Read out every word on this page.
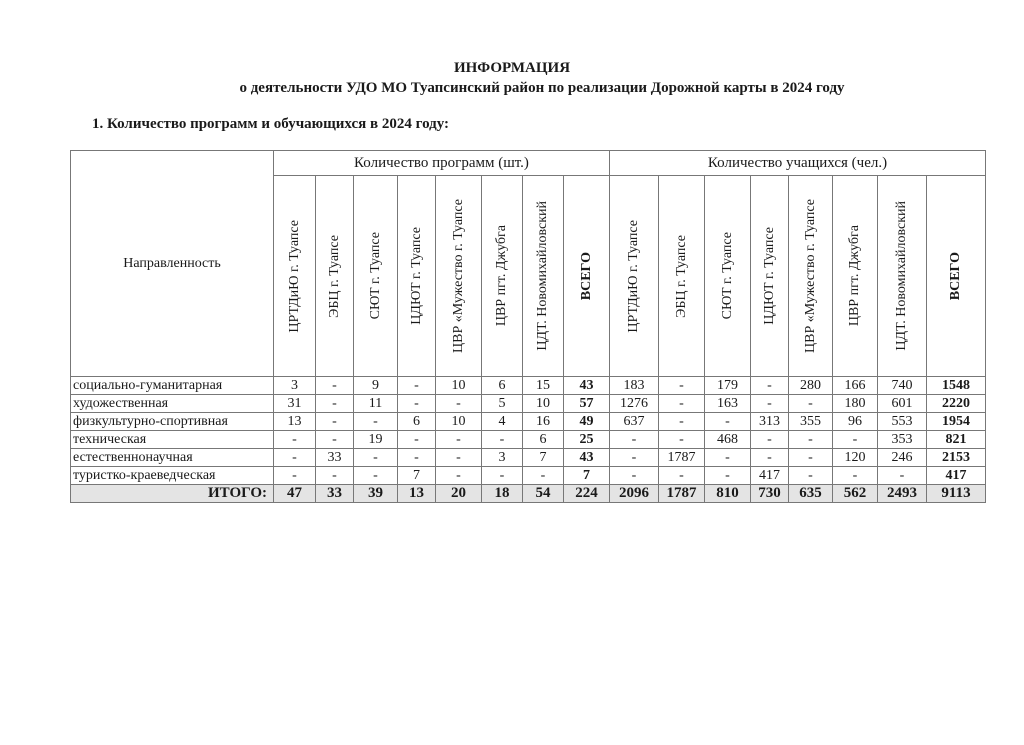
ИНФОРМАЦИЯ
о деятельности УДО МО Туапсинский район по реализации Дорожной карты в 2024 году
1. Количество программ и обучающихся в 2024 году:
Направленность	Количество программ (шт.)								Количество учащихся (чел.)							

	ЦРТДиЮ г. Туапсе	ЭБЦ г. Туапсе	СЮТ г. Туапсе	ЦДЮТ г. Туапсе	ЦВР «Мужество г. Туапсе	ЦВР пгт. Джубга	ЦДТ. Новомихайловский	ВСЕГО	ЦРТДиЮ г. Туапсе	ЭБЦ г. Туапсе	СЮТ г. Туапсе	ЦДЮТ г. Туапсе	ЦВР «Мужество г. Туапсе	ЦВР пгт. Джубга	ЦДТ. Новомихайловский	ВСЕГО

социально-гуманитарная	3	-	9	-	10	6	15	43	183	-	179	-	280	166	740	1548
художественная	31	-	11	-	-	5	10	57	1276	-	163	-	-	180	601	2220
физкультурно-спортивная	13	-	-	6	10	4	16	49	637	-	-	313	355	96	553	1954
техническая	-	-	19	-	-	-	6	25	-	-	468	-	-	-	353	821
естественнонаучная	-	33	-	-	-	3	7	43	-	1787	-	-	-	120	246	2153
туристко-краеведческая	-	-	-	7	-	-	-	7	-	-	-	417	-	-	-	417
ИТОГО:	47	33	39	13	20	18	54	224	2096	1787	810	730	635	562	2493	9113
